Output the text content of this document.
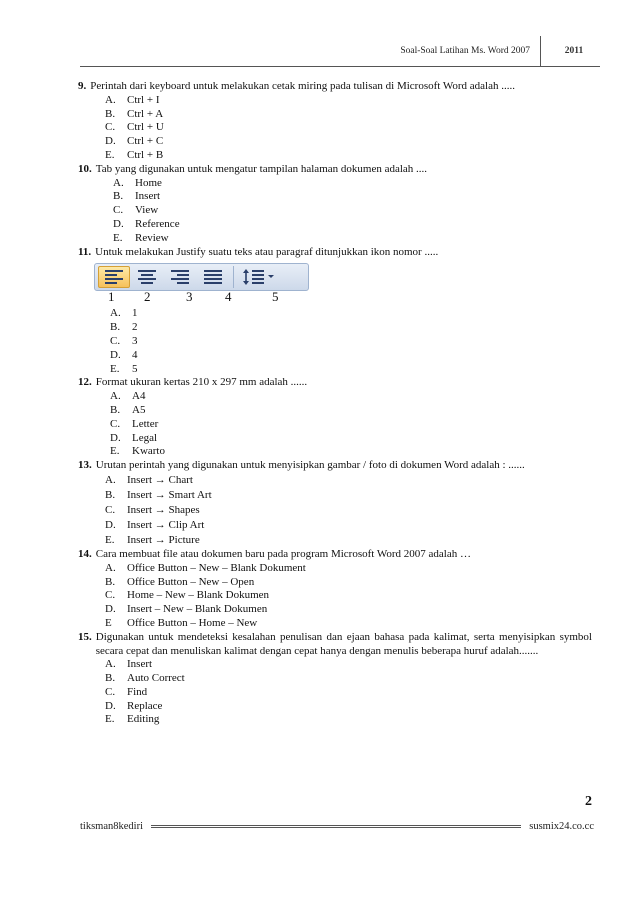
Soal-Soal Latihan Ms. Word 2007	2011
9. Perintah dari keyboard untuk melakukan cetak miring pada tulisan di Microsoft Word adalah .....
A.	Ctrl + I
B.	Ctrl + A
C.	Ctrl + U
D.	Ctrl + C
E.	Ctrl + B
10. Tab yang digunakan untuk mengatur tampilan halaman dokumen adalah ....
A.	Home
B.	Insert
C.	View
D.	Reference
E.	Review
11. Untuk melakukan Justify suatu teks atau paragraf ditunjukkan ikon nomor .....
1 2	3	4	5
A.	1
B.	2
C.	3
D.	4
E.	5
12. Format ukuran kertas 210 x 297 mm adalah ......
A.	A4
B.	A5
C.	Letter
D.	Legal
E.	Kwarto
13. Urutan perintah yang digunakan untuk menyisipkan gambar / foto di dokumen Word adalah : ......
A.	Insert → Chart
B.	Insert → Smart Art
C.	Insert → Shapes
D.	Insert → Clip Art
E.	Insert → Picture
14. Cara membuat file atau dokumen baru pada program Microsoft Word 2007 adalah …
A.	Office Button – New – Blank Dokument
B.	Office Button – New – Open
C.	Home – New – Blank Dokumen
D.	Insert – New – Blank Dokumen
E	Office Button – Home – New
15. Digunakan untuk mendeteksi kesalahan penulisan dan ejaan bahasa pada kalimat, serta menyisipkan symbol secara cepat dan menuliskan kalimat dengan cepat hanya dengan menulis beberapa huruf adalah.......
A.	Insert
B.	Auto Correct
C.	Find
D.	Replace
E.	Editing
2
tiksman8kediri	susmix24.co.cc
